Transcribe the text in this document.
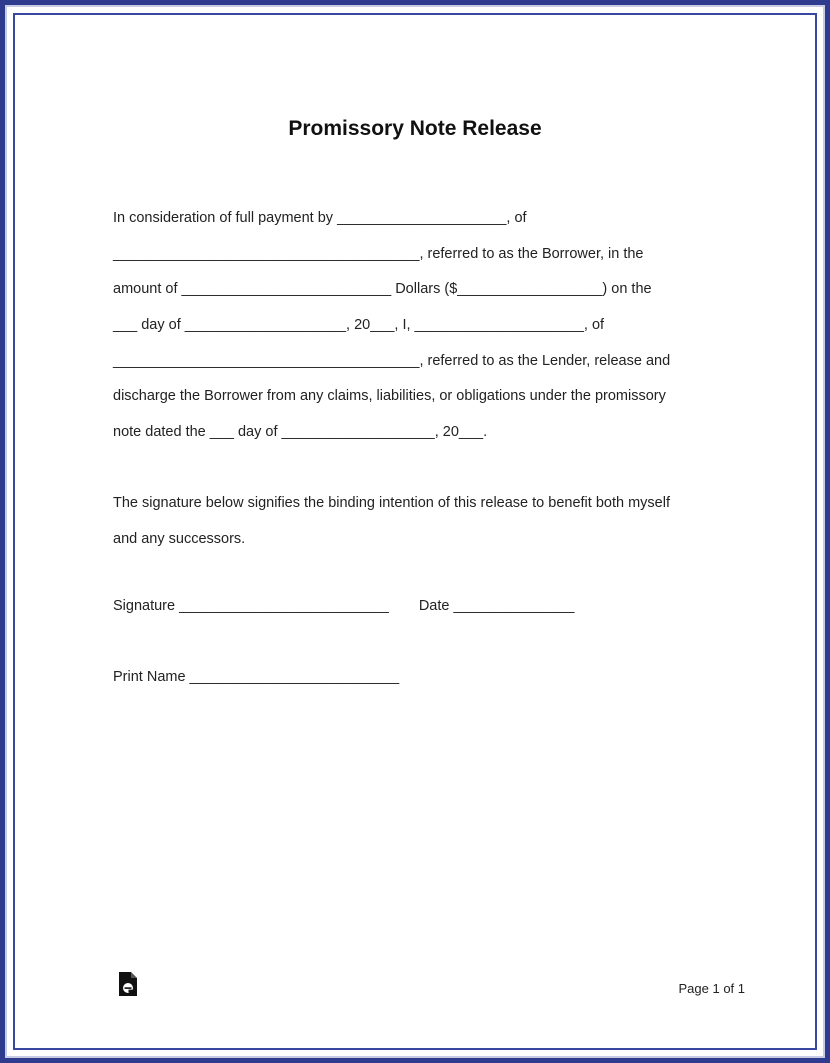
Promissory Note Release
In consideration of full payment by _____________________, of
______________________________________, referred to as the Borrower, in the
amount of __________________________ Dollars ($__________________) on the
___ day of ____________________, 20___, I, _____________________, of
______________________________________, referred to as the Lender, release and
discharge the Borrower from any claims, liabilities, or obligations under the promissory
note dated the ___ day of ___________________, 20___.
The signature below signifies the binding intention of this release to benefit both myself
and any successors.
Signature __________________________ Date _______________
Print Name __________________________
Page 1 of 1
